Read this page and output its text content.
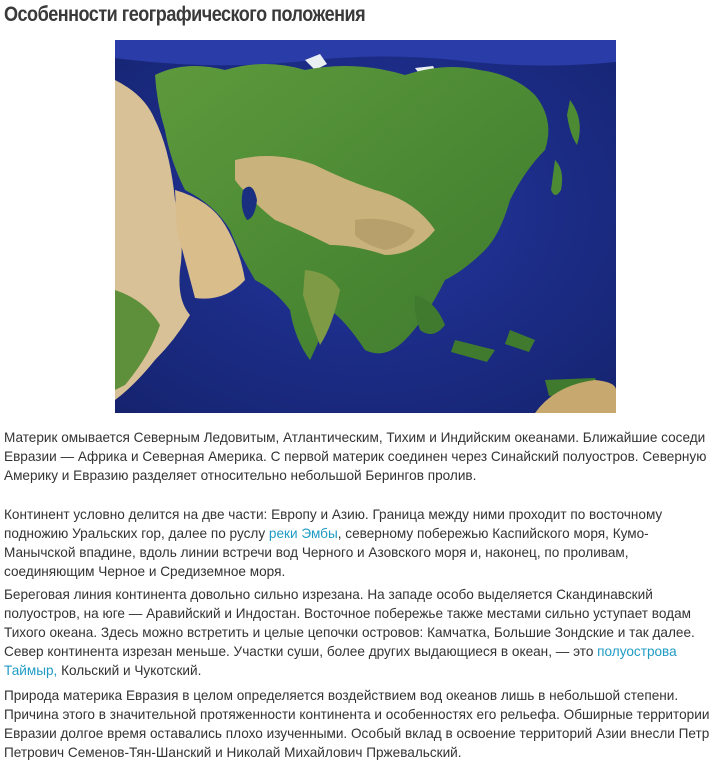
Особенности географического положения

Материк омывается Северным Ледовитым, Атлантическим, Тихим и Индийским океанами. Ближайшие соседи Евразии — Африка и Северная Америка. С первой материк соединен через Синайский полуостров. Северную Америку и Евразию разделяет относительно небольшой Берингов пролив.

Континент условно делится на две части: Европу и Азию. Граница между ними проходит по восточному подножию Уральских гор, далее по руслу реки Эмбы, северному побережью Каспийского моря, Кумо-Манычской впадине, вдоль линии встречи вод Черного и Азовского моря и, наконец, по проливам, соединяющим Черное и Средиземное моря.

Береговая линия континента довольно сильно изрезана. На западе особо выделяется Скандинавский полуостров, на юге — Аравийский и Индостан. Восточное побережье также местами сильно уступает водам Тихого океана. Здесь можно встретить и целые цепочки островов: Камчатка, Большие Зондские и так далее. Север континента изрезан меньше. Участки суши, более других выдающиеся в океан, — это полуострова Таймыр, Кольский и Чукотский.

Природа материка Евразия в целом определяется воздействием вод океанов лишь в небольшой степени. Причина этого в значительной протяженности континента и особенностях его рельефа. Обширные территории Евразии долгое время оставались плохо изученными. Особый вклад в освоение территорий Азии внесли Петр Петрович Семенов-Тян-Шанский и Николай Михайлович Пржевальский.
